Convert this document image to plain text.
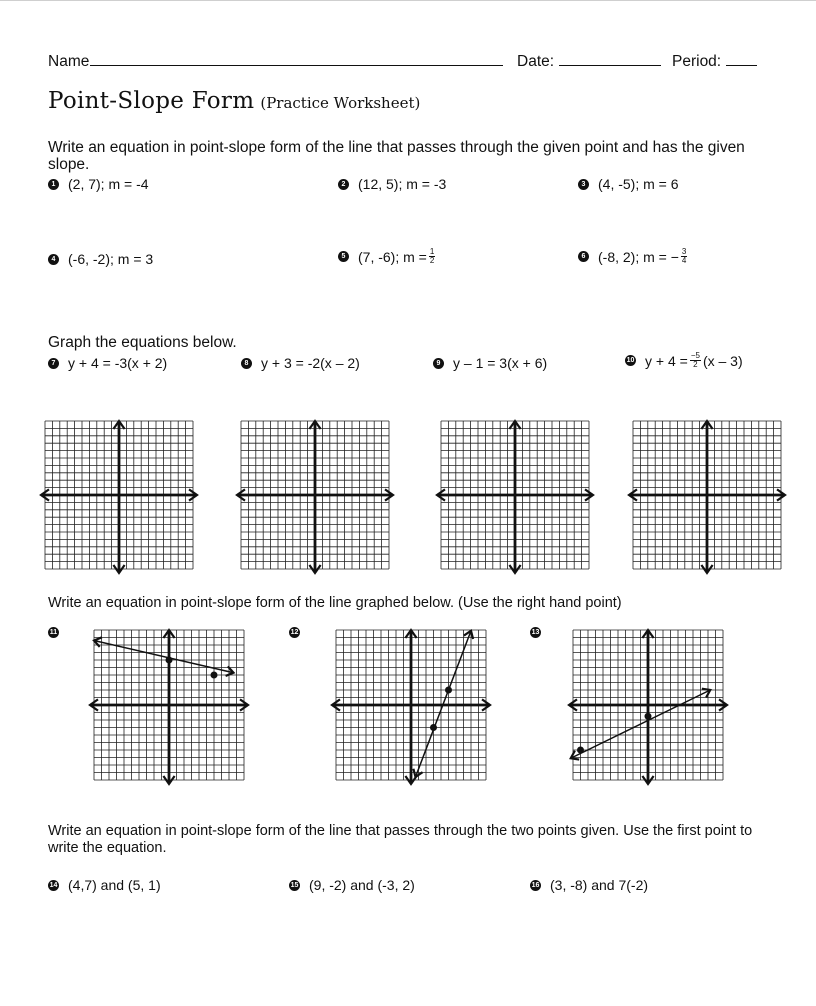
Name	Date:	Period:
Point-Slope Form (Practice Worksheet)
Write an equation in point-slope form of the line that passes through the given point and has the given slope.
1 (2, 7); m = -4	2 (12, 5); m = -3	3 (4, -5); m = 6
4 (-6, -2); m = 3	5 (7, -6); $m = \frac{1}{2}$	6 (-8, 2); m = − $\frac{3}{4}$
Graph the equations below.
7 y + 4 = -3(x + 2)	8 y + 3 = -2(x – 2)	9 y – 1 = 3(x + 6)	10 $y + 4 = \frac{-5}{2} (x - 3)$
Write an equation in point-slope form of the line graphed below. (Use the right hand point)
11	12	13
Write an equation in point-slope form of the line that passes through the two points given. Use the first point to write the equation.
14 (4,7) and (5, 1)	15 (9, -2) and (-3, 2)	16 (3, -8) and 7(-2)
